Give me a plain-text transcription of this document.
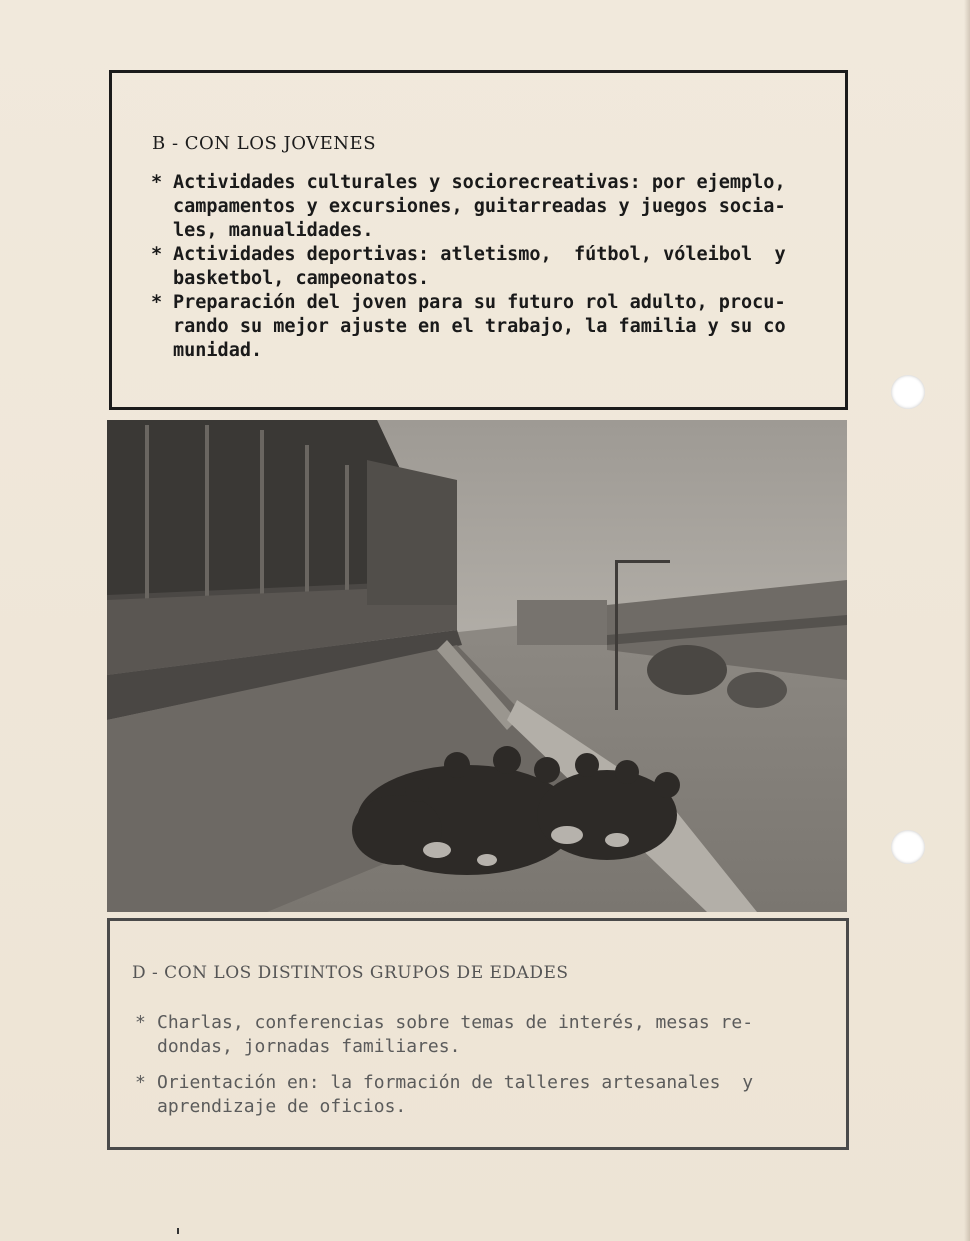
B - CON LOS JOVENES
* Actividades culturales y sociorecreativas: por ejemplo,
campamentos y excursiones, guitarreadas y juegos socia-
les, manualidades.
* Actividades deportivas: atletismo,  fútbol, vóleibol  y
basketbol, campeonatos.
* Preparación del joven para su futuro rol adulto, procu-
rando su mejor ajuste en el trabajo, la familia y su co
munidad.
D - CON LOS DISTINTOS GRUPOS DE EDADES
* Charlas, conferencias sobre temas de interés, mesas re-
dondas, jornadas familiares.
* Orientación en: la formación de talleres artesanales  y
aprendizaje de oficios.
